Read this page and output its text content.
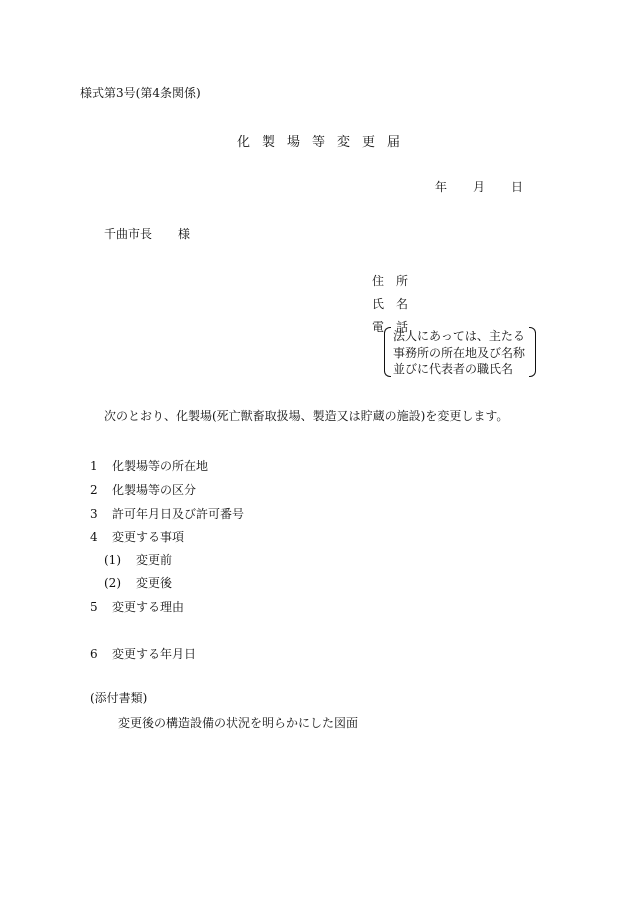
様式第3号(第4条関係)
化製場等変更届
年 月 日
千曲市長 様
住所
氏名
電話
法人にあっては、主たる
事務所の所在地及び名称
並びに代表者の職氏名
次のとおり、化製場(死亡獣畜取扱場、製造又は貯蔵の施設)を変更します。
1 化製場等の所在地
2 化製場等の区分
3 許可年月日及び許可番号
4 変更する事項
(1) 変更前
(2) 変更後
5 変更する理由
6 変更する年月日
(添付書類)
変更後の構造設備の状況を明らかにした図面
